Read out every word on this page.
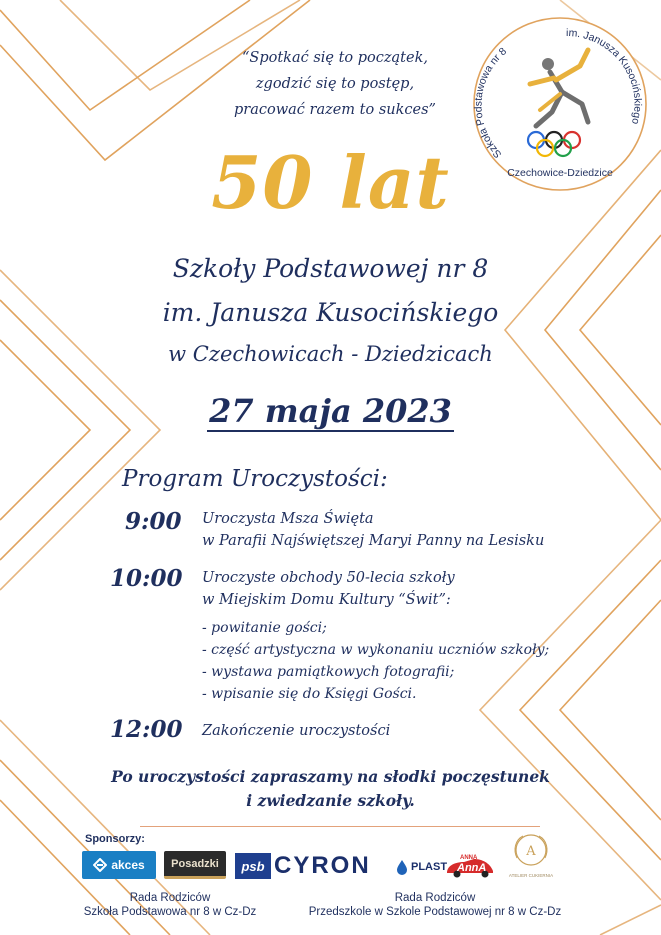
“Spotkać się to początek,
zgodzić się to postęp,
pracować razem to sukces”
Szkoła Podstawowa nr 8
im. Janusza Kusocińskiego
Czechowice-Dziedzice
50 lat
Szkoły Podstawowej nr 8
im. Janusza Kusocińskiego
w Czechowicach - Dziedzicach
27 maja 2023
Program Uroczystości:
9:00 Uroczysta Msza Święta
w Parafii Najświętszej Maryi Panny na Lesisku
10:00 Uroczyste obchody 50-lecia szkoły
w Miejskim Domu Kultury “Świt”:
- powitanie gości;
- część artystyczna w wykonaniu uczniów szkoły;
- wystawa pamiątkowych fotografii;
- wpisanie się do Księgi Gości.
12:00 Zakończenie uroczystości
Po uroczystości zapraszamy na słodki poczęstunek
i zwiedzanie szkoły.
Sponsorzy:
akces Posadzki psb CYRON	PLAST
ANNA
AnnA
A
ATELIER CUKIERNIA
Rada Rodziców
Szkoła Podstawowa nr 8 w Cz-Dz
Rada Rodziców
Przedszkole w Szkole Podstawowej nr 8 w Cz-Dz
